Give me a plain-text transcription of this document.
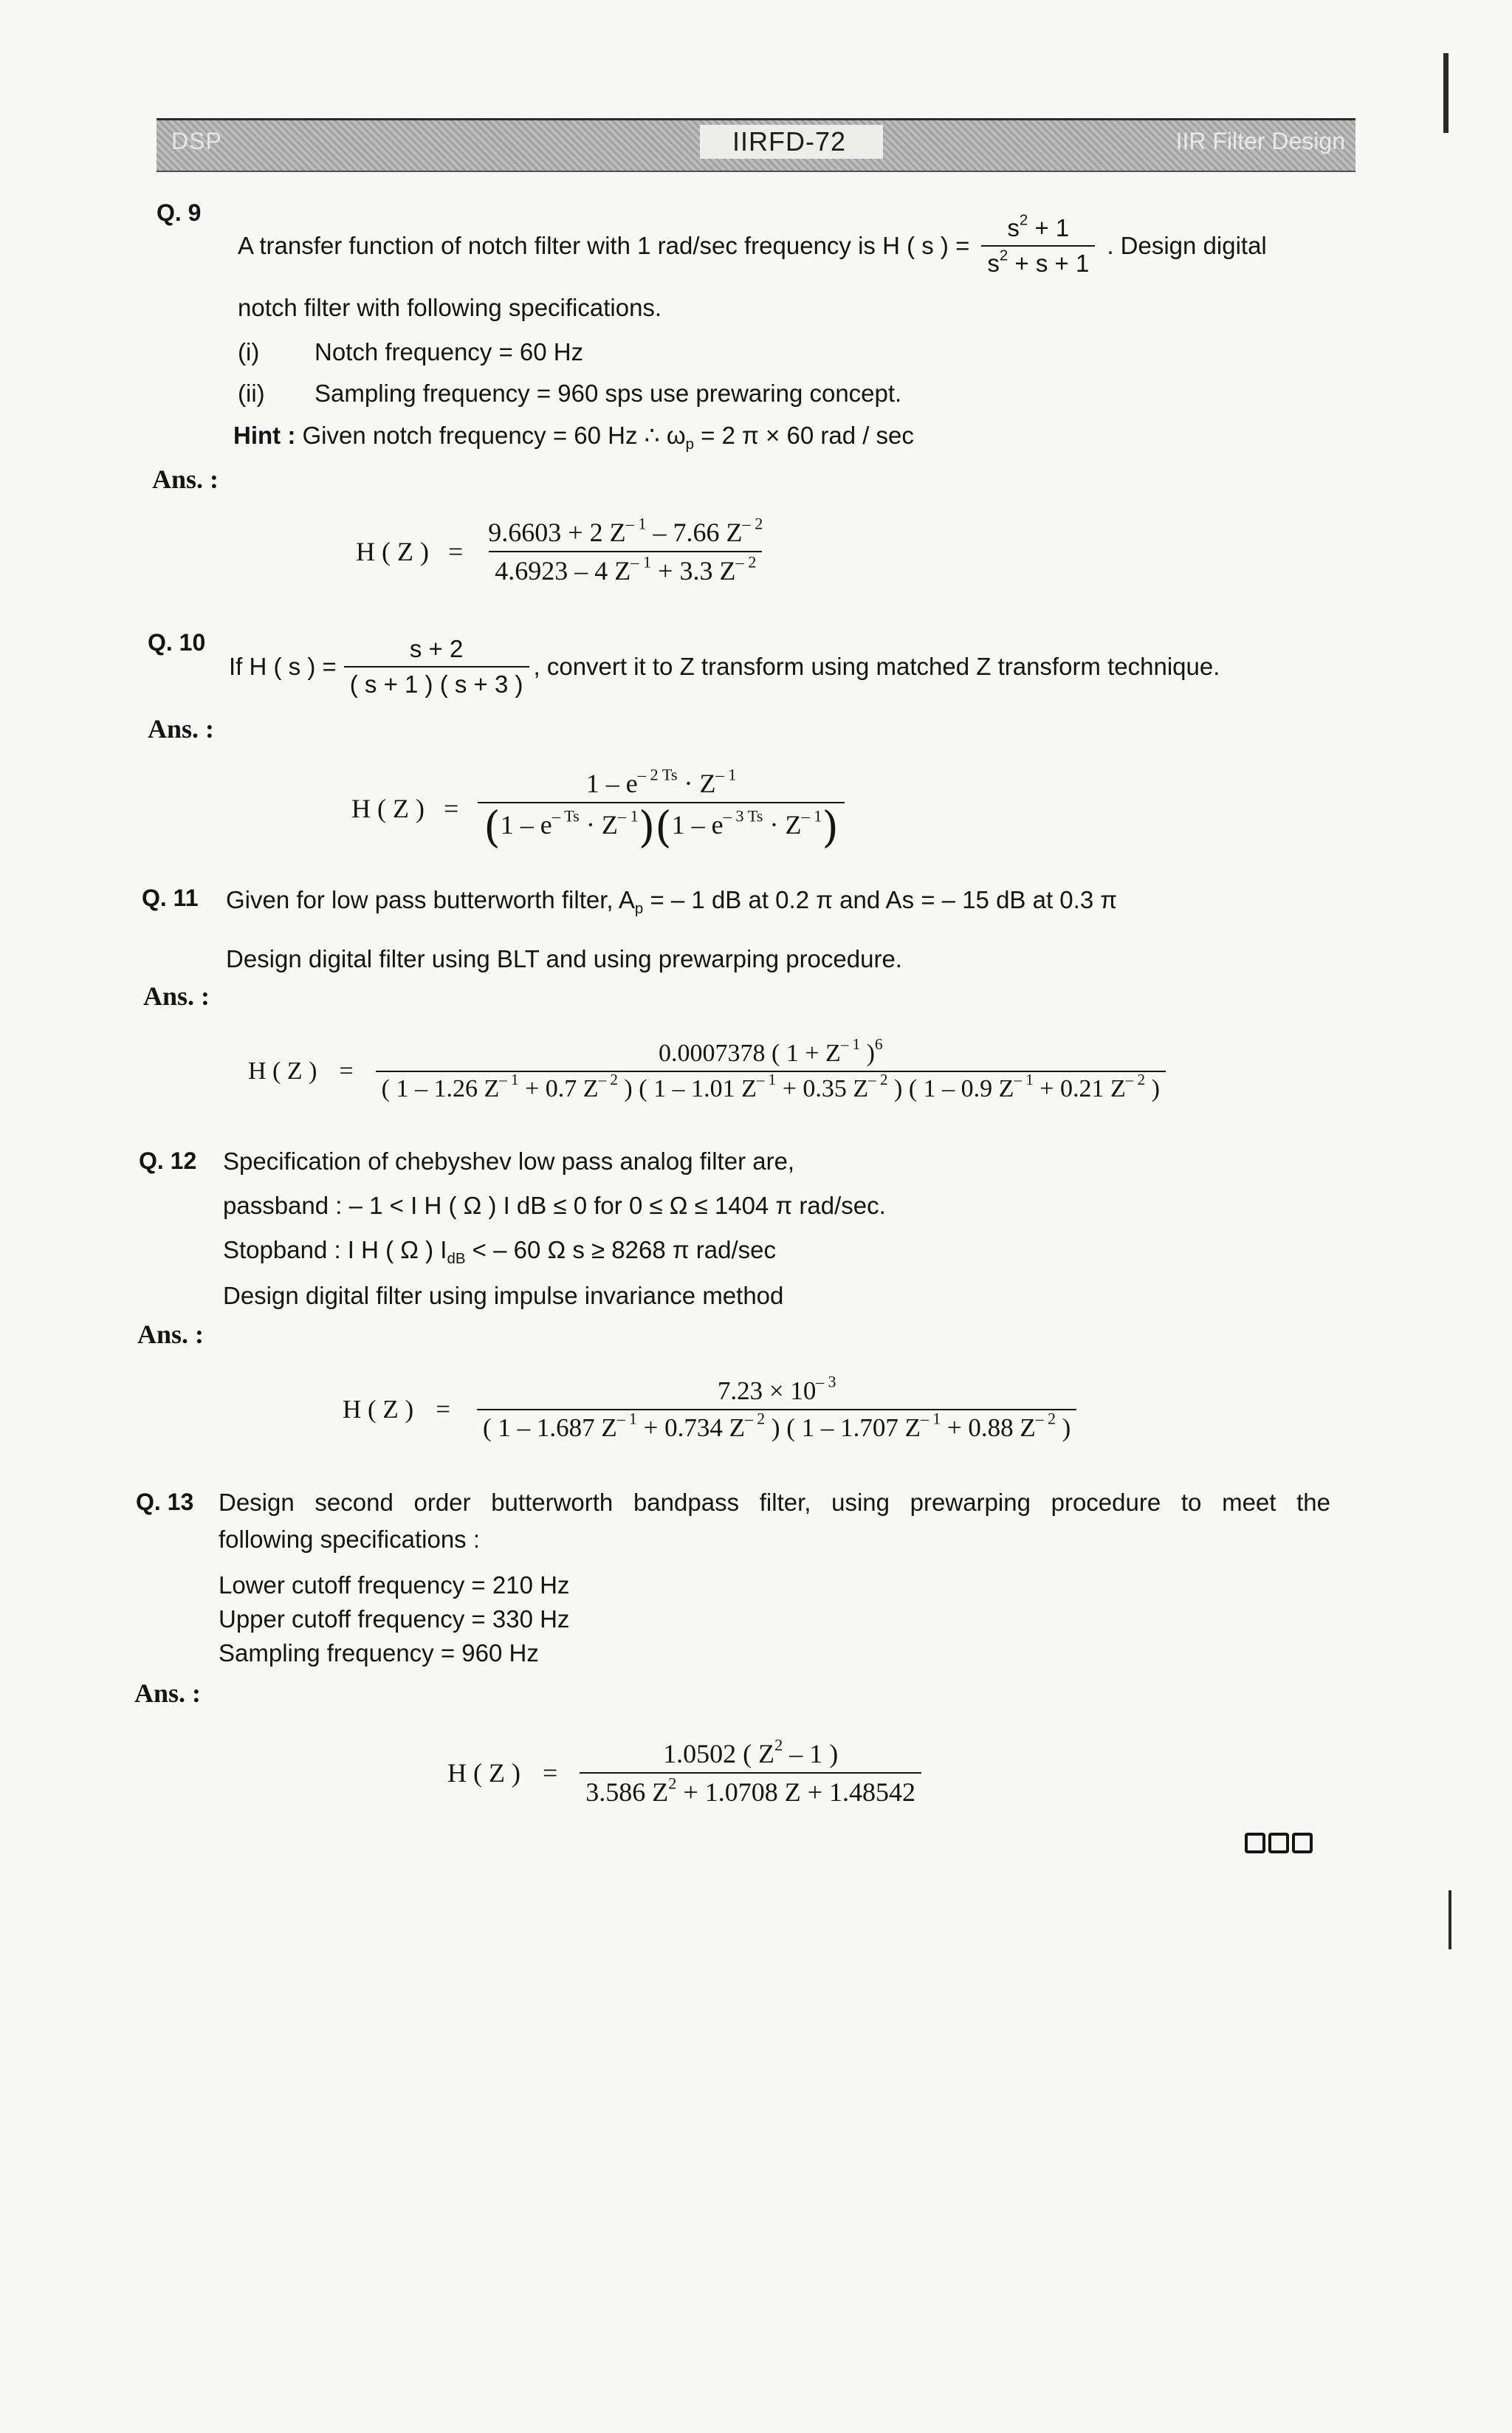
DSP	IIRFD-72	IIR Filter Design
Q. 9
A transfer function of notch filter with 1 rad/sec frequency is H ( s ) = $\frac{s^2 + 1}{s^2 + s + 1}$ . Design digital
notch filter with following specifications.
(i) Notch frequency = 60 Hz
(ii) Sampling frequency = 960 sps use prewaring concept.
Hint : Given notch frequency = 60 Hz ∴ $\omega_p = 2$ π × 60 rad / sec
Ans. :
H ( Z ) = $\frac{9.6603 + 2 Z^{- 1} - 7.66 Z^{- 2}}{4.6923 - 4 Z^{- 1} + 3.3 Z^{- 2}}$
Q. 10
If H ( s ) = $\frac{s + 2}{( s + 1 ) ( s + 3 )}$ , convert it to Z transform using matched Z transform technique.
Ans. :
H ( Z ) = $\frac{1 - e^{- 2 Ts} \cdot Z^{- 1}}{(1 - e^{- Ts} \cdot Z^{- 1})(1 - e^{- 3 Ts} \cdot Z^{- 1})}$
Q. 11 Given for low pass butterworth filter, $A_p$ = – 1 dB at 0.2 π and As = – 15 dB at 0.3 π
Design digital filter using BLT and using prewarping procedure.
Ans. :
H ( Z ) =
0.0007378 ( $1 + Z^{- 1}$ )$^6$
( 1 – 1.26 $Z^{- 1} + 0.7$ $Z^{- 2}$ ) ( 1 – 1.01 $Z^{- 1} + 0.35$ $Z^{- 2}$ ) ( 1 – 0.9 $Z^{- 1} + 0.21$ $Z^{- 2}$ )
Q. 12 Specification of chebyshev low pass analog filter are,
passband : – 1 < I H ( Ω ) I dB ≤ 0 for 0 ≤ Ω ≤ 1404 π rad/sec.
Stopband : I H ( Ω ) $I_{dB}$ < – 60 Ω s ≥ 8268 π rad/sec
Design digital filter using impulse invariance method
Ans. :
H ( Z ) =
$7.23 \times 10^{- 3}$
( 1 – 1.687 $Z^{- 1} + 0.734$ $Z^{- 2}$ ) ( 1 – 1.707 $Z^{- 1} + 0.88$ $Z^{- 2}$ )
Q. 13 Design second order butterworth bandpass filter, using prewarping procedure to meet the
following specifications :
Lower cutoff frequency = 210 Hz
Upper cutoff frequency = 330 Hz
Sampling frequency = 960 Hz
Ans. :
H ( Z ) = $\frac{1.0502 ( Z^2 - 1 )}{3.586 Z^2 + 1.0708 Z + 1.48542}$
